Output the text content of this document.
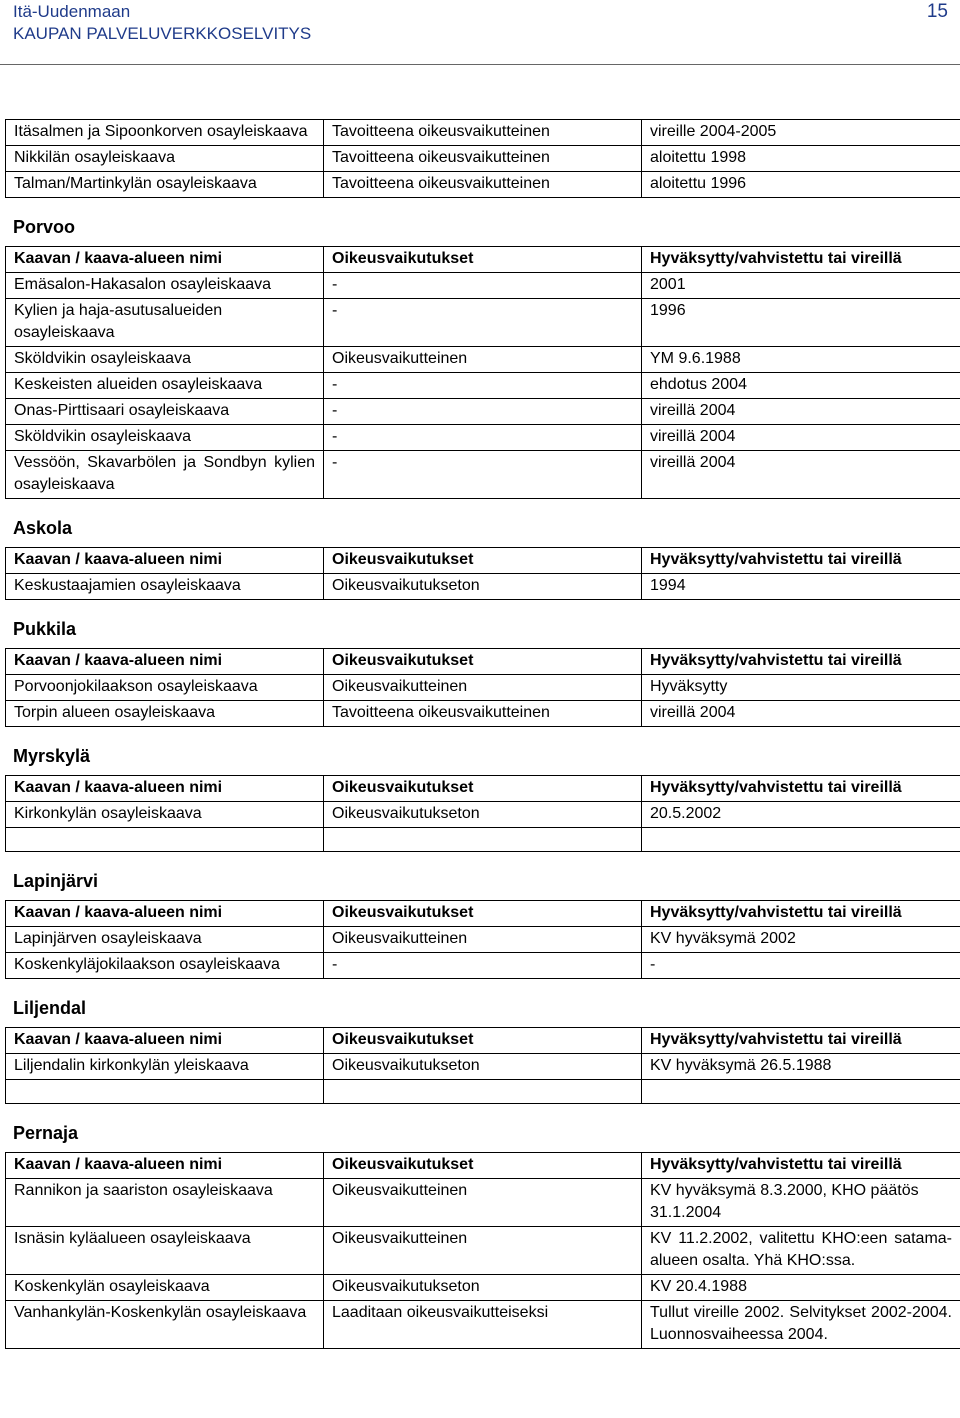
Itä-Uudenmaan
KAUPAN PALVELUVERKKOSELVITYS
15
Itäsalmen ja Sipoonkorven osayleiskaava	Tavoitteena oikeusvaikutteinen	vireille 2004-2005
Nikkilän osayleiskaava	Tavoitteena oikeusvaikutteinen	aloitettu 1998
Talman/Martinkylän osayleiskaava	Tavoitteena oikeusvaikutteinen	aloitettu 1996
Porvoo
Kaavan / kaava-alueen nimi	Oikeusvaikutukset	Hyväksytty/vahvistettu tai vireillä
Emäsalon-Hakasalon osayleiskaava	-	2001
Kylien ja haja-asutusalueiden osayleiskaava	-	1996
Sköldvikin osayleiskaava	Oikeusvaikutteinen	YM 9.6.1988
Keskeisten alueiden osayleiskaava	-	ehdotus 2004
Onas-Pirttisaari osayleiskaava	-	vireillä 2004
Sköldvikin osayleiskaava	-	vireillä 2004
Vessöön, Skavarbölen ja Sondbyn kylien osayleiskaava	-	vireillä 2004
Askola
Kaavan / kaava-alueen nimi	Oikeusvaikutukset	Hyväksytty/vahvistettu tai vireillä
Keskustaajamien osayleiskaava	Oikeusvaikutukseton	1994
Pukkila
Kaavan / kaava-alueen nimi	Oikeusvaikutukset	Hyväksytty/vahvistettu tai vireillä
Porvoonjokilaakson osayleiskaava	Oikeusvaikutteinen	Hyväksytty
Torpin alueen osayleiskaava	Tavoitteena oikeusvaikutteinen	vireillä 2004
Myrskylä
Kaavan / kaava-alueen nimi	Oikeusvaikutukset	Hyväksytty/vahvistettu tai vireillä
Kirkonkylän osayleiskaava	Oikeusvaikutukseton	20.5.2002

Lapinjärvi
Kaavan / kaava-alueen nimi	Oikeusvaikutukset	Hyväksytty/vahvistettu tai vireillä
Lapinjärven osayleiskaava	Oikeusvaikutteinen	KV hyväksymä 2002
Koskenkyläjokilaakson osayleiskaava	-	-
Liljendal
Kaavan / kaava-alueen nimi	Oikeusvaikutukset	Hyväksytty/vahvistettu tai vireillä
Liljendalin kirkonkylän yleiskaava	Oikeusvaikutukseton	KV hyväksymä 26.5.1988

Pernaja
Kaavan / kaava-alueen nimi	Oikeusvaikutukset	Hyväksytty/vahvistettu tai vireillä
Rannikon ja saariston osayleiskaava	Oikeusvaikutteinen	KV hyväksymä 8.3.2000, KHO päätös 31.1.2004
Isnäsin kyläalueen osayleiskaava	Oikeusvaikutteinen	KV 11.2.2002, valitettu KHO:een satama-alueen osalta. Yhä KHO:ssa.
Koskenkylän osayleiskaava	Oikeusvaikutukseton	KV 20.4.1988
Vanhankylän-Koskenkylän osayleiskaava	Laaditaan oikeusvaikutteiseksi	Tullut vireille 2002. Selvitykset 2002-2004. Luonnosvaiheessa 2004.
